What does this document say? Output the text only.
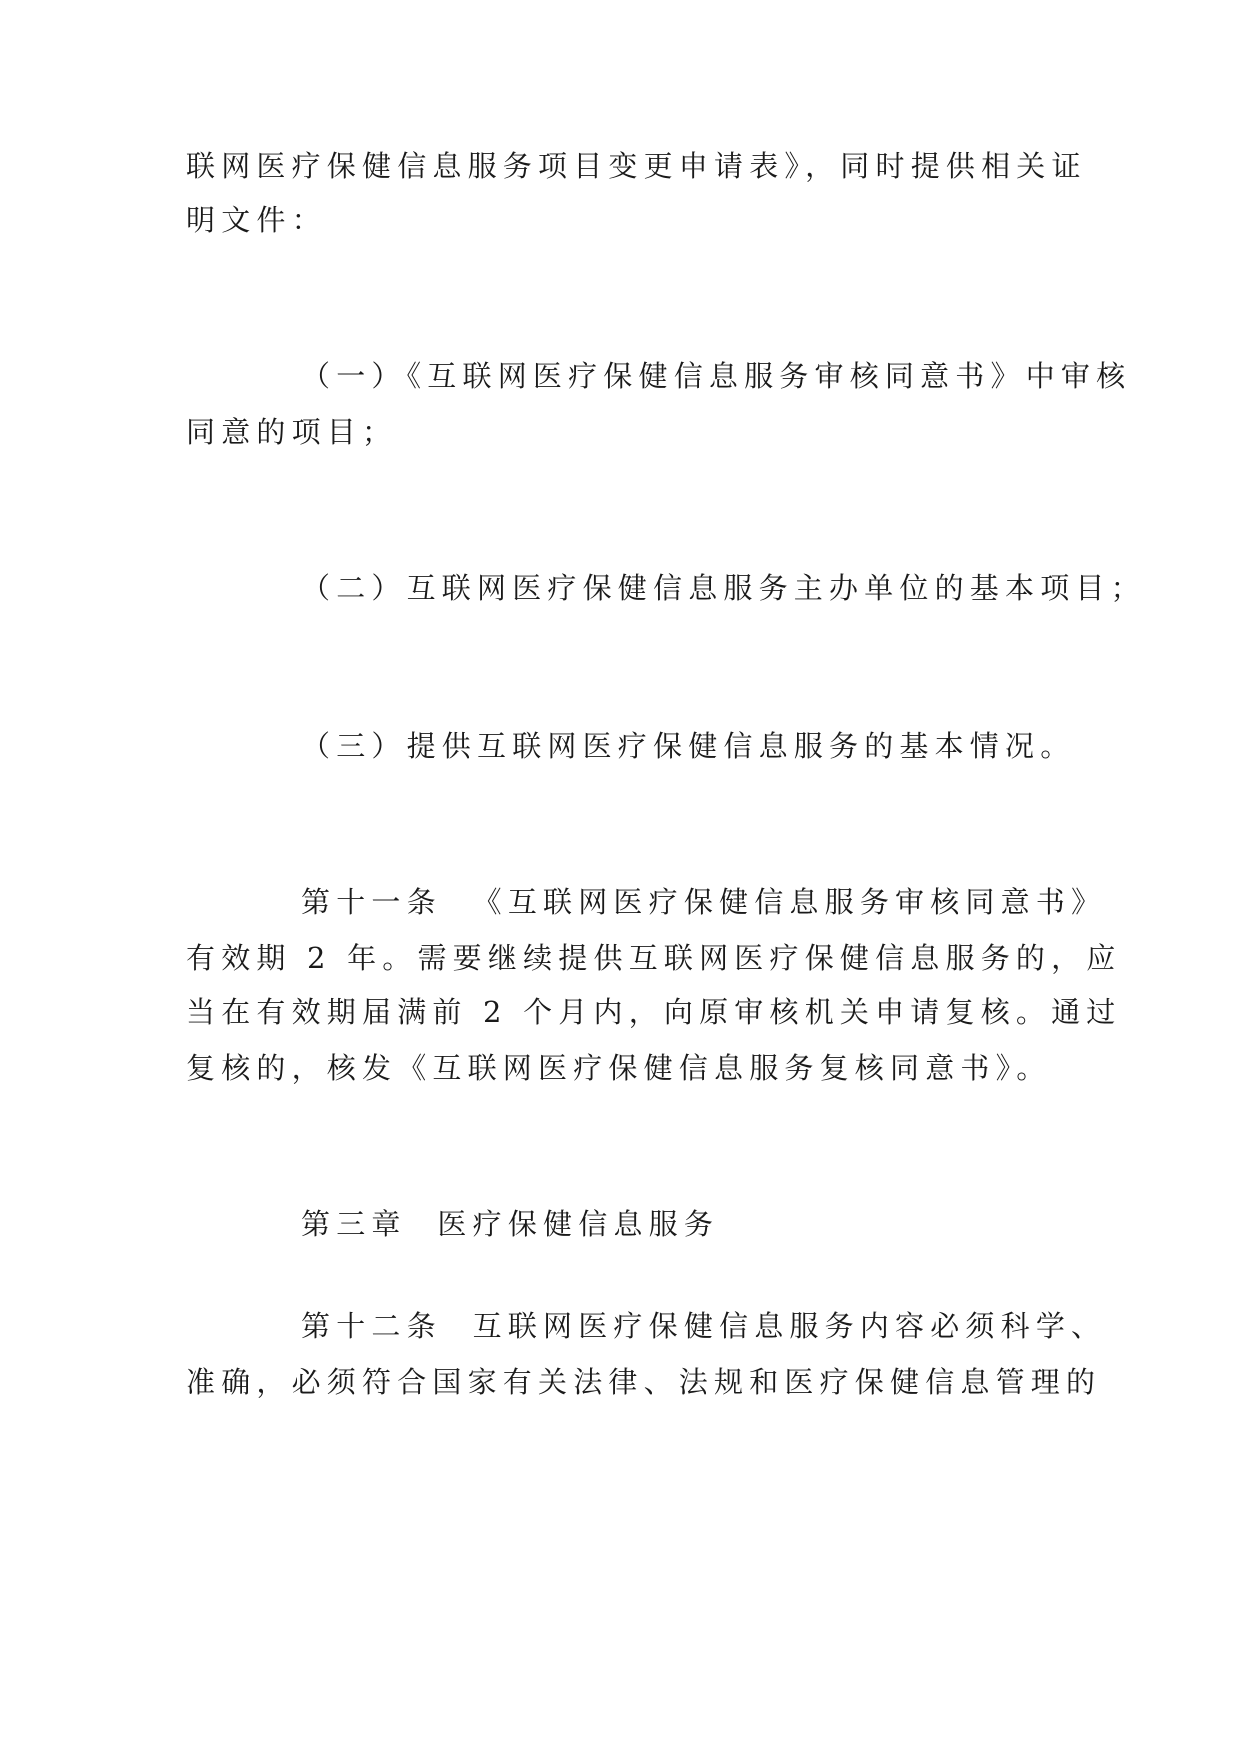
联网医疗保健信息服务项目变更申请表》，同时提供相关证
明文件：
（一）《互联网医疗保健信息服务审核同意书》中审核
同意的项目；
（二）互联网医疗保健信息服务主办单位的基本项目；
（三）提供互联网医疗保健信息服务的基本情况。
第十一条  《互联网医疗保健信息服务审核同意书》
有效期 2 年。需要继续提供互联网医疗保健信息服务的，应
当在有效期届满前 2 个月内，向原审核机关申请复核。通过
复核的，核发《互联网医疗保健信息服务复核同意书》。
第三章  医疗保健信息服务
第十二条  互联网医疗保健信息服务内容必须科学、
准确，必须符合国家有关法律、法规和医疗保健信息管理的
